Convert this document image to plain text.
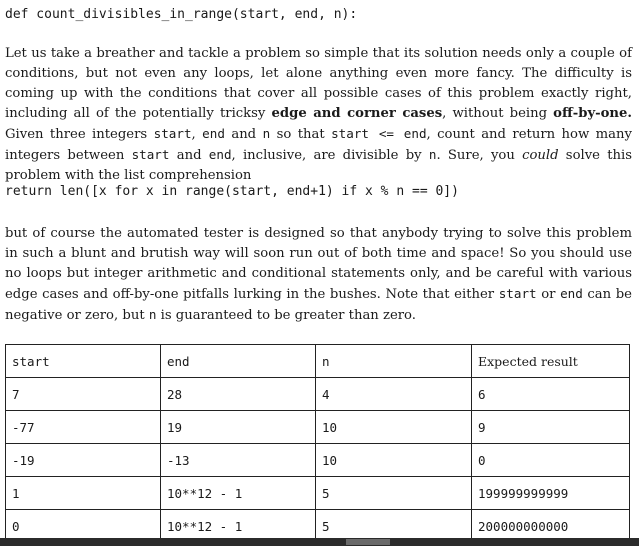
def count_divisibles_in_range(start, end, n):

Let us take a breather and tackle a problem so simple that its solution needs only a couple of conditions, but not even any loops, let alone anything even more fancy. The difficulty is coming up with the conditions that cover all possible cases of this problem exactly right, including all of the potentially tricksy edge and corner cases, without being off-by-one. Given three integers start, end and n so that start <= end, count and return how many integers between start and end, inclusive, are divisible by n. Sure, you could solve this problem with the list comprehension

return len([x for x in range(start, end+1) if x % n == 0])

but of course the automated tester is designed so that anybody trying to solve this problem in such a blunt and brutish way will soon run out of both time and space! So you should use no loops but integer arithmetic and conditional statements only, and be careful with various edge cases and off-by-one pitfalls lurking in the bushes. Note that either start or end can be negative or zero, but n is guaranteed to be greater than zero.

start	end	n	Expected result
7	28	4	6
-77	19	10	9
-19	-13	10	0
1	10**12 - 1	5	199999999999
0	10**12 - 1	5	200000000000
